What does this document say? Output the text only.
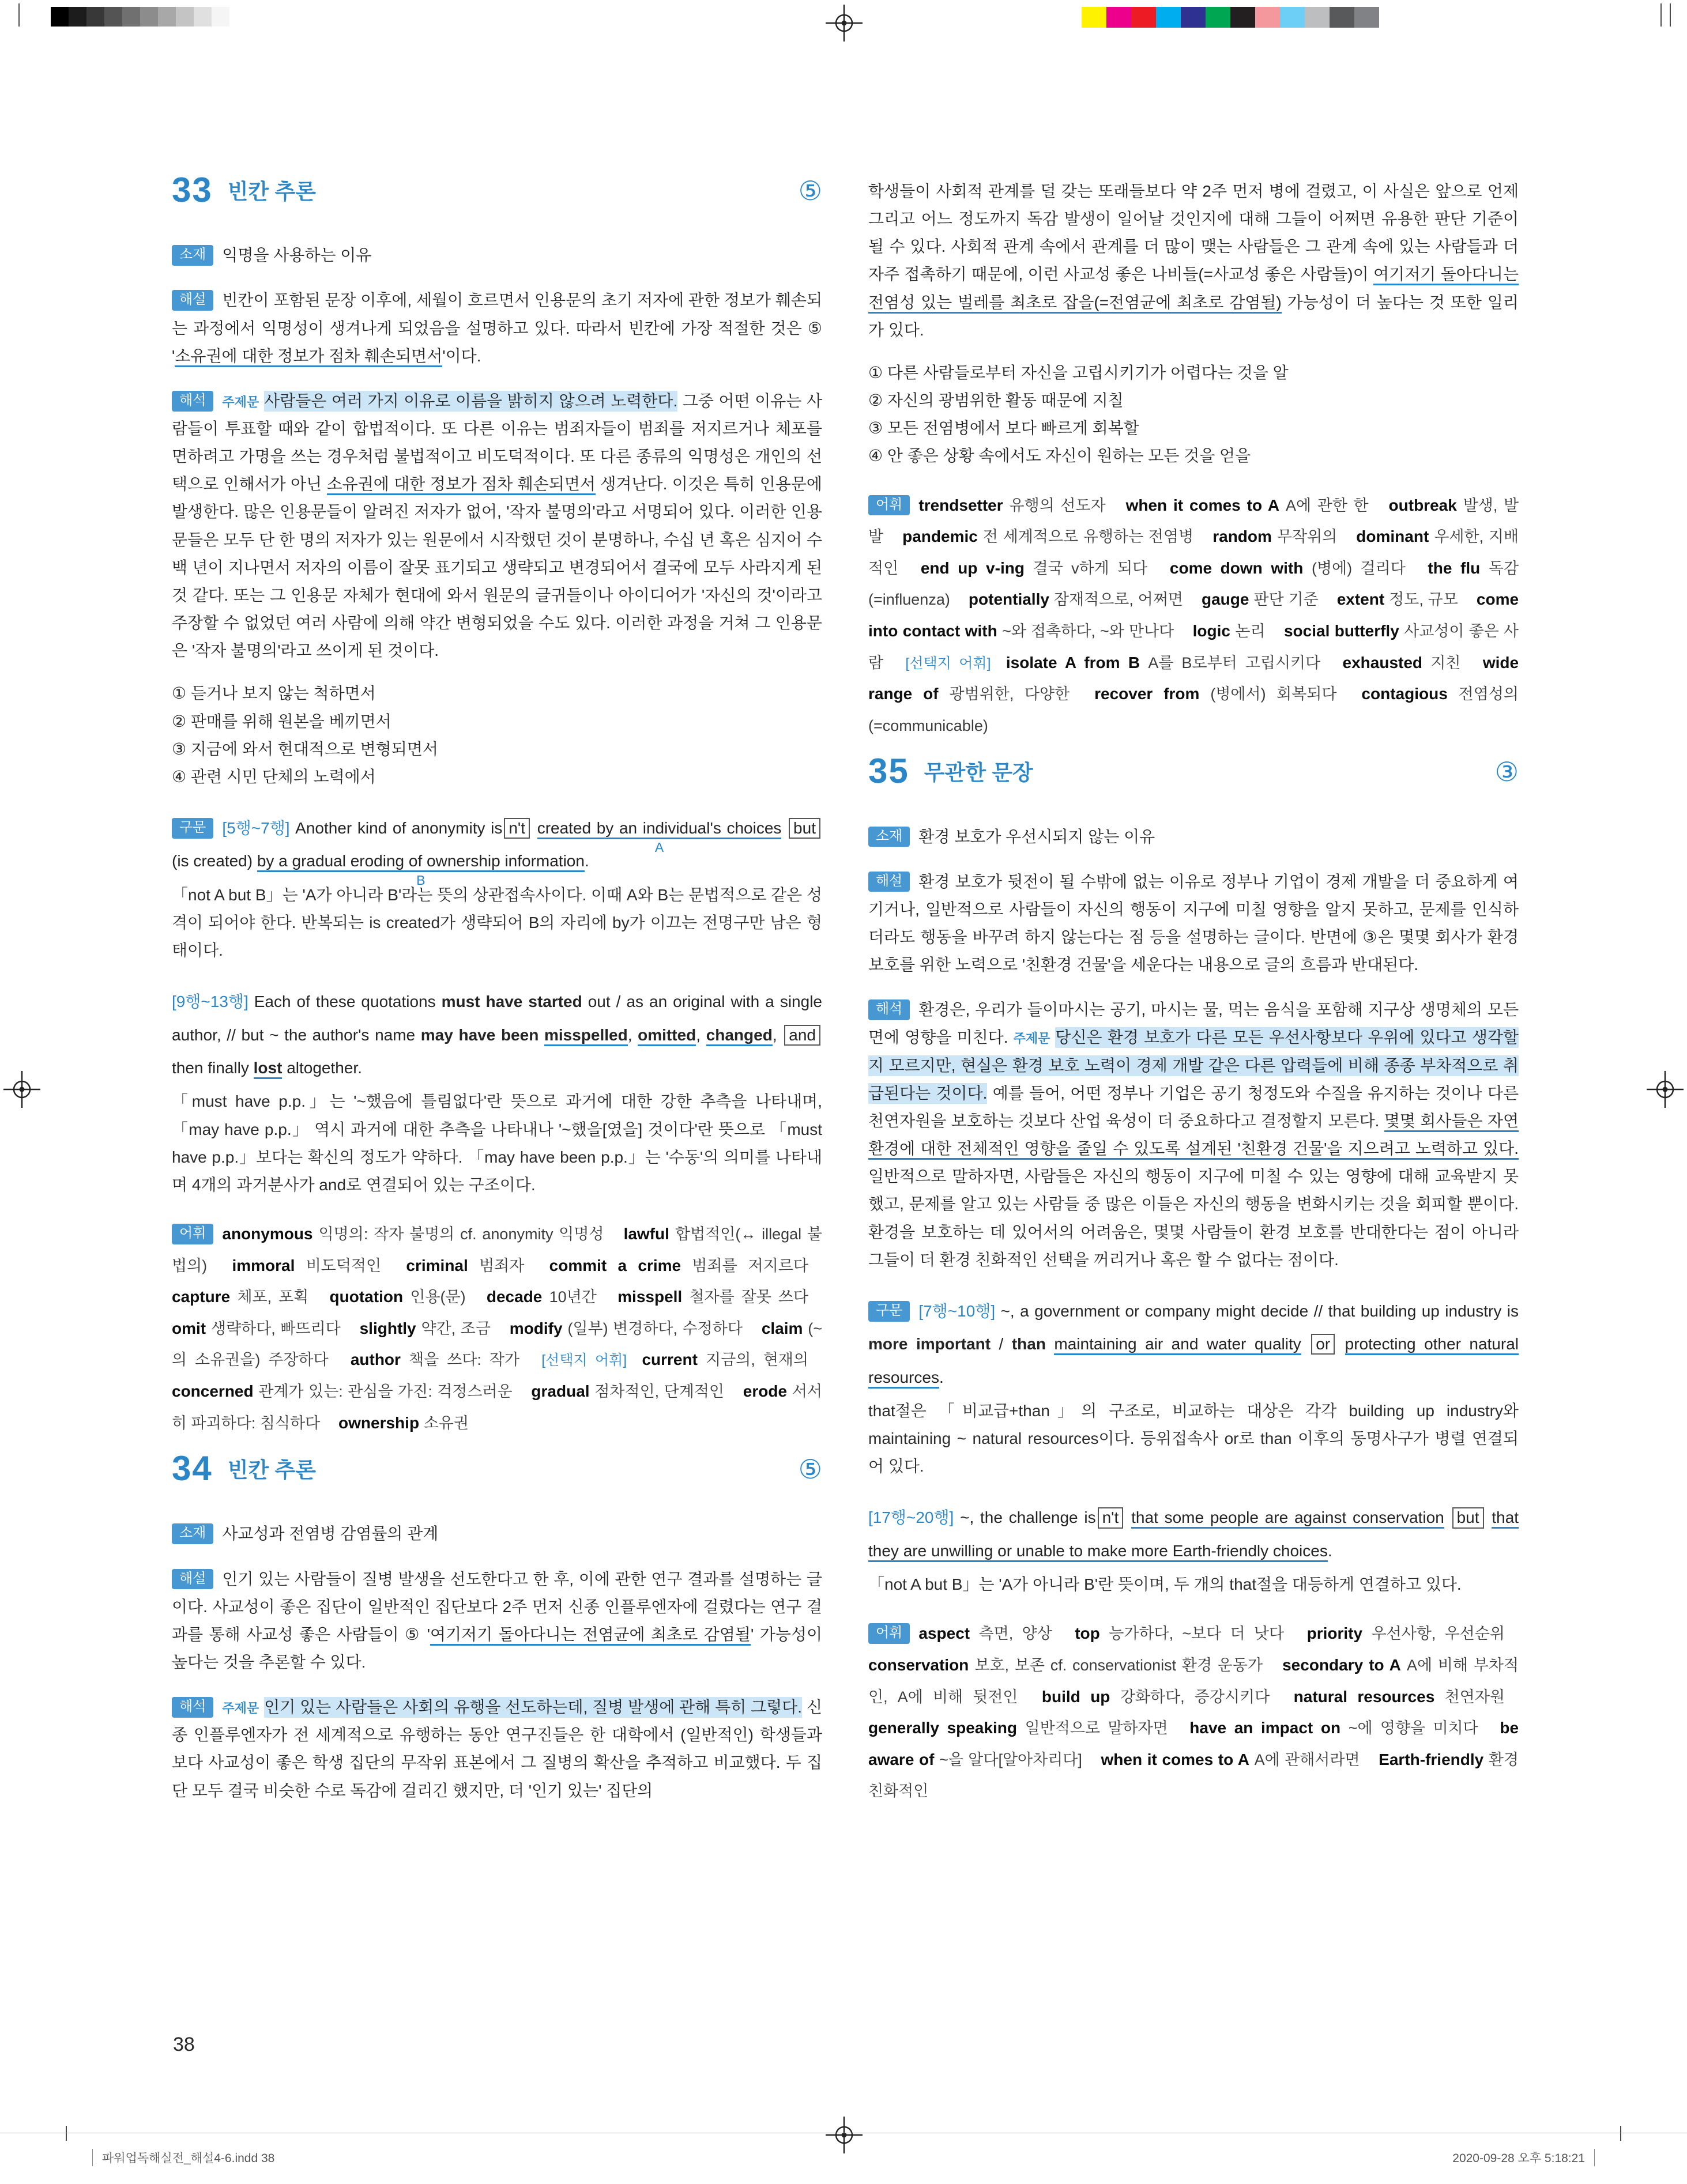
33 빈칸 추론	⑤
소재 익명을 사용하는 이유
해설 빈칸이 포함된 문장 이후에, 세월이 흐르면서 인용문의 초기 저자에 관한 정보가 훼손되는 과정에서 익명성이 생겨나게 되었음을 설명하고 있다. 따라서 빈칸에 가장 적절한 것은 ⑤ '소유권에 대한 정보가 점차 훼손되면서'이다.
해석 주제문 사람들은 여러 가지 이유로 이름을 밝히지 않으려 노력한다. 그중 어떤 이유는 사람들이 투표할 때와 같이 합법적이다. 또 다른 이유는 범죄자들이 범죄를 저지르거나 체포를 면하려고 가명을 쓰는 경우처럼 불법적이고 비도덕적이다. 또 다른 종류의 익명성은 개인의 선택으로 인해서가 아닌 소유권에 대한 정보가 점차 훼손되면서 생겨난다. 이것은 특히 인용문에 발생한다. 많은 인용문들이 알려진 저자가 없어, '작자 불명의'라고 서명되어 있다. 이러한 인용문들은 모두 단 한 명의 저자가 있는 원문에서 시작했던 것이 분명하나, 수십 년 혹은 심지어 수백 년이 지나면서 저자의 이름이 잘못 표기되고 생략되고 변경되어서 결국에 모두 사라지게 된 것 같다. 또는 그 인용문 자체가 현대에 와서 원문의 글귀들이나 아이디어가 '자신의 것'이라고 주장할 수 없었던 여러 사람에 의해 약간 변형되었을 수도 있다. 이러한 과정을 거쳐 그 인용문은 '작자 불명의'라고 쓰이게 된 것이다.
① 듣거나 보지 않는 척하면서
② 판매를 위해 원본을 베끼면서
③ 지금에 와서 현대적으로 변형되면서
④ 관련 시민 단체의 노력에서
구문 [5행~7행] Another kind of anonymity is n't created by an individual's choices
A
but (is created) by a gradual eroding of ownership information
B
.
「not A but B」는 'A가 아니라 B'라는 뜻의 상관접속사이다. 이때 A와 B는 문법적으로 같은 성격이 되어야 한다. 반복되는 is created가 생략되어 B의 자리에 by가 이끄는 전명구만 남은 형태이다.
[9행~13행] Each of these quotations must have started out / as an original with a single author, // but ~ the author's name may have been misspelled, omitted, changed, and then finally lost altogether.
「must have p.p.」는 '~했음에 틀림없다'란 뜻으로 과거에 대한 강한 추측을 나타내며, 「may have p.p.」 역시 과거에 대한 추측을 나타내나 '~했을[였을] 것이다'란 뜻으로 「must have p.p.」보다는 확신의 정도가 약하다. 「may have been p.p.」는 '수동'의 의미를 나타내며 4개의 과거분사가 and로 연결되어 있는 구조이다.
어휘 anonymous 익명의: 작자 불명의 cf. anonymity 익명성 lawful 합법적인(↔ illegal 불법의) immoral 비도덕적인 criminal 범죄자 commit a crime 범죄를 저지르다 capture 체포, 포획 quotation 인용(문) decade 10년간 misspell 철자를 잘못 쓰다 omit 생략하다, 빠뜨리다 slightly 약간, 조금 modify (일부) 변경하다, 수정하다 claim (~의 소유권을) 주장하다 author 책을 쓰다: 작가 [선택지 어휘] current 지금의, 현재의 concerned 관계가 있는: 관심을 가진: 걱정스러운 gradual 점차적인, 단계적인 erode 서서히 파괴하다: 침식하다 ownership 소유권
34 빈칸 추론	⑤
소재 사교성과 전염병 감염률의 관계
해설 인기 있는 사람들이 질병 발생을 선도한다고 한 후, 이에 관한 연구 결과를 설명하는 글이다. 사교성이 좋은 집단이 일반적인 집단보다 2주 먼저 신종 인플루엔자에 걸렸다는 연구 결과를 통해 사교성 좋은 사람들이 ⑤ '여기저기 돌아다니는 전염균에 최초로 감염될' 가능성이 높다는 것을 추론할 수 있다.
해석 주제문 인기 있는 사람들은 사회의 유행을 선도하는데, 질병 발생에 관해 특히 그렇다. 신종 인플루엔자가 전 세계적으로 유행하는 동안 연구진들은 한 대학에서 (일반적인) 학생들과 보다 사교성이 좋은 학생 집단의 무작위 표본에서 그 질병의 확산을 추적하고 비교했다. 두 집단 모두 결국 비슷한 수로 독감에 걸리긴 했지만, 더 '인기 있는' 집단의
학생들이 사회적 관계를 덜 갖는 또래들보다 약 2주 먼저 병에 걸렸고, 이 사실은 앞으로 언제 그리고 어느 정도까지 독감 발생이 일어날 것인지에 대해 그들이 어쩌면 유용한 판단 기준이 될 수 있다. 사회적 관계 속에서 관계를 더 많이 맺는 사람들은 그 관계 속에 있는 사람들과 더 자주 접촉하기 때문에, 이런 사교성 좋은 나비들(=사교성 좋은 사람들)이 여기저기 돌아다니는 전염성 있는 벌레를 최초로 잡을(=전염균에 최초로 감염될) 가능성이 더 높다는 것 또한 일리가 있다.
① 다른 사람들로부터 자신을 고립시키기가 어렵다는 것을 알
② 자신의 광범위한 활동 때문에 지칠
③ 모든 전염병에서 보다 빠르게 회복할
④ 안 좋은 상황 속에서도 자신이 원하는 모든 것을 얻을
어휘 trendsetter 유행의 선도자 when it comes to A A에 관한 한 outbreak 발생, 발발 pandemic 전 세계적으로 유행하는 전염병 random 무작위의 dominant 우세한, 지배적인 end up v-ing 결국 v하게 되다 come down with (병에) 걸리다 the flu 독감(=influenza) potentially 잠재적으로, 어쩌면 gauge 판단 기준 extent 정도, 규모 come into contact with ~와 접촉하다, ~와 만나다 logic 논리 social butterfly 사교성이 좋은 사람 [선택지 어휘] isolate A from B A를 B로부터 고립시키다 exhausted 지친 wide range of 광범위한, 다양한 recover from (병에서) 회복되다 contagious 전염성의(=communicable)
35 무관한 문장	③
소재 환경 보호가 우선시되지 않는 이유
해설 환경 보호가 뒷전이 될 수밖에 없는 이유로 정부나 기업이 경제 개발을 더 중요하게 여기거나, 일반적으로 사람들이 자신의 행동이 지구에 미칠 영향을 알지 못하고, 문제를 인식하더라도 행동을 바꾸려 하지 않는다는 점 등을 설명하는 글이다. 반면에 ③은 몇몇 회사가 환경 보호를 위한 노력으로 '친환경 건물'을 세운다는 내용으로 글의 흐름과 반대된다.
해석 환경은, 우리가 들이마시는 공기, 마시는 물, 먹는 음식을 포함해 지구상 생명체의 모든 면에 영향을 미친다. 주제문 당신은 환경 보호가 다른 모든 우선사항보다 우위에 있다고 생각할지 모르지만, 현실은 환경 보호 노력이 경제 개발 같은 다른 압력들에 비해 종종 부차적으로 취급된다는 것이다. 예를 들어, 어떤 정부나 기업은 공기 청정도와 수질을 유지하는 것이나 다른 천연자원을 보호하는 것보다 산업 육성이 더 중요하다고 결정할지 모른다. 몇몇 회사들은 자연 환경에 대한 전체적인 영향을 줄일 수 있도록 설계된 '친환경 건물'을 지으려고 노력하고 있다. 일반적으로 말하자면, 사람들은 자신의 행동이 지구에 미칠 수 있는 영향에 대해 교육받지 못했고, 문제를 알고 있는 사람들 중 많은 이들은 자신의 행동을 변화시키는 것을 회피할 뿐이다. 환경을 보호하는 데 있어서의 어려움은, 몇몇 사람들이 환경 보호를 반대한다는 점이 아니라 그들이 더 환경 친화적인 선택을 꺼리거나 혹은 할 수 없다는 점이다.
구문 [7행~10행] ~, a government or company might decide // that building up industry is more important / than maintaining air and water quality or protecting other natural resources.
that절은 「비교급+than」의 구조로, 비교하는 대상은 각각 building up industry와 maintaining ~ natural resources이다. 등위접속사 or로 than 이후의 동명사구가 병렬 연결되어 있다.
[17행~20행] ~, the challenge is n't that some people are against conservation but that they are unwilling or unable to make more Earth-friendly choices.
「not A but B」는 'A가 아니라 B'란 뜻이며, 두 개의 that절을 대등하게 연결하고 있다.
어휘 aspect 측면, 양상 top 능가하다, ~보다 더 낫다 priority 우선사항, 우선순위 conservation 보호, 보존 cf. conservationist 환경 운동가 secondary to A A에 비해 부차적인, A에 비해 뒷전인 build up 강화하다, 증강시키다 natural resources 천연자원 generally speaking 일반적으로 말하자면 have an impact on ~에 영향을 미치다 be aware of ~을 알다[알아차리다] when it comes to A A에 관해서라면 Earth-friendly 환경 친화적인
38
파워업독해실전_해설4-6.indd 38	2020-09-28 오후 5:18:21
